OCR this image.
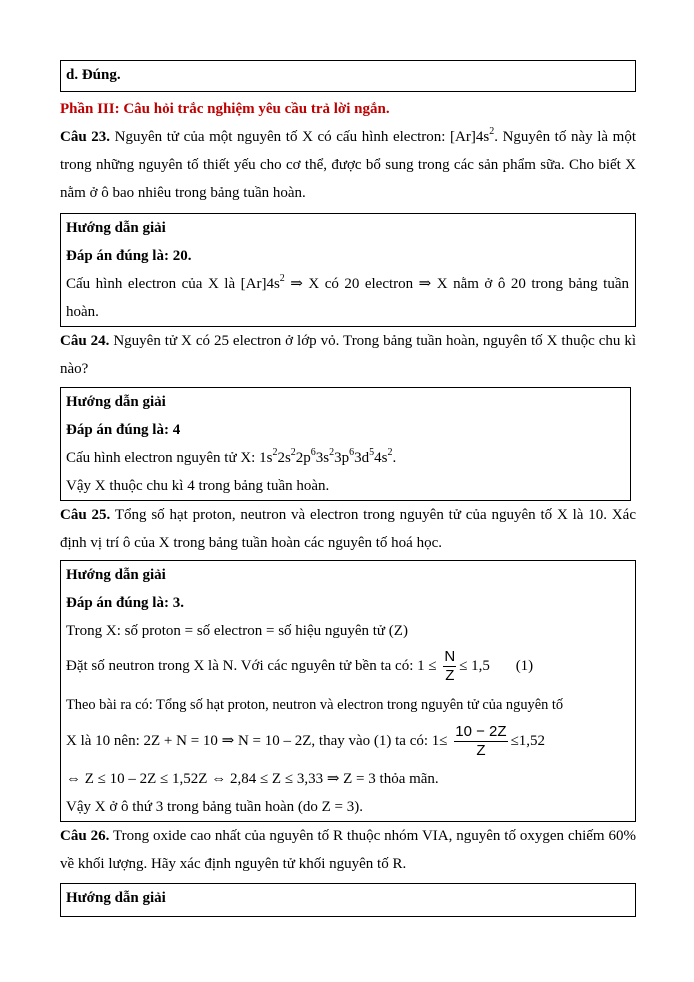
d. Đúng.
Phần III: Câu hỏi trắc nghiệm yêu cầu trả lời ngắn.
Câu 23. Nguyên tử của một nguyên tố X có cấu hình electron: $[Ar]4s^2$. Nguyên tố này là một trong những nguyên tố thiết yếu cho cơ thể, được bổ sung trong các sản phẩm sữa. Cho biết X nằm ở ô bao nhiêu trong bảng tuần hoàn.
Hướng dẫn giải
Đáp án đúng là: 20.
Cấu hình electron của X là $[Ar]4s^2$ ⇒ X có 20 electron ⇒ X nằm ở ô 20 trong bảng tuần hoàn.
Câu 24. Nguyên tử X có 25 electron ở lớp vỏ. Trong bảng tuần hoàn, nguyên tố X thuộc chu kì nào?
Hướng dẫn giải
Đáp án đúng là: 4
Cấu hình electron nguyên tử X: $1s^22s^22p^63s^23p^63d^54s^2$.
Vậy X thuộc chu kì 4 trong bảng tuần hoàn.
Câu 25. Tổng số hạt proton, neutron và electron trong nguyên tử của nguyên tố X là 10. Xác định vị trí ô của X trong bảng tuần hoàn các nguyên tố hoá học.
Hướng dẫn giải
Đáp án đúng là: 3.
Trong X: số proton = số electron = số hiệu nguyên tử (Z)
Đặt số neutron trong X là N. Với các nguyên tử bền ta có: $1 \le \frac{N}{Z} \le 1,5$ (1)
Theo bài ra có: Tổng số hạt proton, neutron và electron trong nguyên tử của nguyên tố
X là 10 nên: 2Z + N = 10 ⇒ N = 10 – 2Z, thay vào (1) ta có: $1\le \frac{10 - 2Z}{Z} \le 1,52$
⇔ Z ≤ 10 – 2Z ≤ 1,52Z ⇔ 2,84 ≤ Z ≤ 3,33 ⇒ Z = 3 thỏa mãn.
Vậy X ở ô thứ 3 trong bảng tuần hoàn (do Z = 3).
Câu 26. Trong oxide cao nhất của nguyên tố R thuộc nhóm VIA, nguyên tố oxygen chiếm 60% về khối lượng. Hãy xác định nguyên tử khối nguyên tố R.
Hướng dẫn giải
